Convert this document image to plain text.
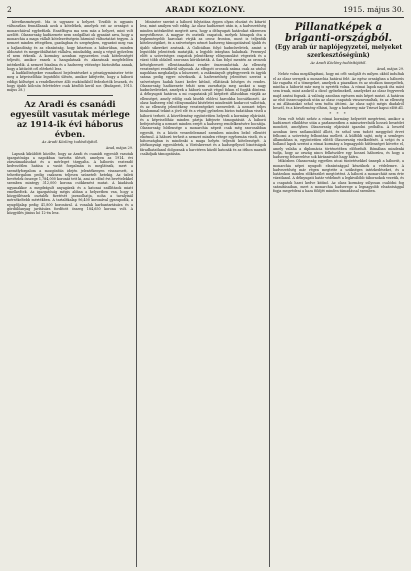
2	ARADI KOZLONY.	1915. május 30.

következményeit. Ma is ugyanez a helyzet. Tovább is ugyanis változatlan fennállanak azok a kötelékek, amelyek ezt az országot a monarchiával egybefűzik. Ennélfogva ma sem más a helyzet, mint volt azelőtt. Olaszország hadüzenete nem szolgálhat ok gyanánt arra, hogy a monarchia a maga vállalt kötelezettségein bárminő változtatást tegyen. A nemzet minden rétegében, gazdagban és szegényben, egyaránt meg van a hajlandóság és az elszántság, hogy kitartson a háborúban, minden áldozatot és megpróbáltatást vállalva, mindaddig, amíg a végső győzelem el nem érkezik. A kormány azonban egyszerűen csak kötelességét teljesíti, amikor ennek a hangulatnak és akaratnak megfelelően intézkedik. A nemzet bizalma és a hadsereg vitézsége biztosítéka annak, hogy a kitűzött cél elérhető lesz.

A hadiköltségekre vonatkozó bejelentéseket a pénzügyminiszter tette meg a képviselőház legutóbbi ülésén, amikor kifejtette, hogy a háború eddigi költségei a rendelkezésre álló eszközökből fedezhetők lesznek, és hogy újabb kölcsön felvételére csak később kerül sor. (Budapest, 1915. május 28.)

Az Aradi és csanádi egyesült vasutak mérlege az 1914-ik évi háborus évben.
Az Aradi Közlöny tudósítójától.
Arad, május 29.

Lapunk kiküldött közölte, hogy az Aradi és csanádi egyesült vasutak igazgatósága a napokban tartotta ülését, amelyen az 1914. évi zárszámadásokat és a mérleget tárgyalta. A háborús esztendő kedvezőtlen hatása a vasút forgalmán is meglátszik, mert a személyforgalom a mozgósítás idején jelentékenyen visszaesett, a teherforgalom pedig csaknem teljesen szünetelt hetekig. Az üzleti bevételek összege 1,784,000 koronát tett ki, ami az előző évi bevételekkel szemben mintegy 312,000 korona csökkenést mutat. A kiadások ugyanakkor a megdrágult anyagárak és a katonai szállítások miatt emelkedtek. Az igazgatóság mégis abban a helyzetben van, hogy a közgyűlésnek osztalék fizetését javasolhatja, noha a tavalyinál mérsékeltebb mértékben. A tartalékalap 96,400 koronával gyarapodik, a nyugdíjalap pedig 41,800 koronával. A vonalak karbantartására és a gördülőanyag javítására fordított összeg 184,650 korona volt. A közgyűlés június hó 12-én lesz.

Miniszter szerint a háború folytatása éppen olyan elszánt és kitartó lesz, mint amilyen volt eddig. Az olasz hadüzenet után is, a hadvezetőség minden intézkedést megtett arra, hogy a délnyugati határokat sikeresen megvédhesse. A magyar és osztrák csapatok, melyek hónapok óta a legkeményebb harcokat vívják az orosz fronton, most is teljesítik kötelességüket, és a szövetséges német hadsereg támogatásával újabb és újabb sikereket aratnak. A Galíciában folyó hadműveletek, amint a legutóbbi jelentések mutatják, a legjobb irányban haladnak. Przemysl előtt a szövetséges csapatok jelentékeny előnyomulást végeztek és a várat több oldalról szorosan körülzárták. A San folyó mentén az oroszok kétségbeesett ellentámadásai rendre összeomlottak. Az ellenség veszteségei rendkívül súlyosak. Az elfogott oroszok száma csak az utolsó napokban meghaladja a húszezret, a zsákmányolt gépfegyverek és ágyúk száma pedig egyre növekszik. A hadvezetőség jelentései szerint a szövetséges hadak harci kedve kitűnő, ellátásuk bőséges és rendes. Olaszország hadüzenete tehát nem zavarhatja meg azokat a nagy hadműveleteket, amelyek a háború sorsát végső fokon el fogják dönteni. A délnyugati határon a mi csapataink jól kiépített állásokban várják az ellenséget, amely eddig csak kisebb előőrsi harcokba bocsátkozott. Az olasz hadsereg első előnyomulási kísérletei mindenütt kudarcot vallottak, és az ellenség jelentékeny veszteségeket szenvedett. A nemzet teljes bizalommal tekint a jövő elé és a végső győzelem biztos tudatában viseli a háború terheit. A közvélemény egyöntetűen helyesli a kormány eljárását, és a képviselőház minden pártja kifejezte támogatását. A háború befejezéséig a nemzet minden erejét a hadsereg rendelkezésére bocsátja. Olaszország hűtlensége a monarchia népeit csak még szorosabban egyesíti, és a közös veszedelemmel szemben minden belső ellentét elnémul. A háború terheit a nemzet minden rétege egyformán viseli, és a hátországban is mindenki a maga helyén teljesíti kötelességét. A jótékonysági egyesületek, a Vöröskereszt és a hadsegélyező bizottságok fáradhatatlanul dolgoznak a harctéren küzdő katonák és az itthon maradt családjaik támogatásán.

Pillanatképek a briganti-országból.
(Egy arab úr naplójegyzetei, melyeket szerkesztőségünk)
Az Aradi Közlöny tudósítójától.
Arad, május 29.

Nehéz volna megállapítani, hogy mi célt szolgált és milyen okból indultak el az olasz seregek a monarchia határai felé. Az egész országban a háborús láz ragadta el a tömegeket, amelyek a piazzákon és az utcákon ünnepeltek, mintha a háborút már meg is nyerték volna. A római lapok napok óta mást sem írnak, mint azokról a dicső győzelmekről, amelyeket az olasz fegyverek majd aratni fognak. A valóság azonban egészen más képet mutat. A határon az első összecsapások után az olasz csapatok visszavonultak, és az ellenség a mi állásainkat sehol sem tudta áttörni. Az olasz sajtó mégis diadalról beszél, és a közvélemény elhiszi, hogy a hadsereg már Trieszt kapui előtt áll.

* * *

Nem volt tehát nehéz a római kormány helyzetét megérteni, amikor a hadüzenet elküldése után a parlamentben a miniszterelnök hosszú beszédet mondott, amelyben Olaszország eljárását igazolni próbálta. A beszéd azonban üres szólamokból állott, és sehol sem tudott meggyőző érvet felhozni a szövetség felbontása mellett. A külföldi sajtó, még a semleges államokban is, egyöntetűen elítéli Olaszország viselkedését. A svájci és a holland lapok szerint a római kormány a legnagyobb hűtlenséget követte el, amely valaha a diplomácia történetében előfordult. Rómában mindenki tudja, hogy az ország nincs felkészülve egy hosszú háborúra, és hogy a hadsereg felszerelése sok kívánnivalót hagy hátra.

Miközben Olaszország egyetlen utcai tüntetésekkel ünnepli a háborút, a monarchia népei nyugodt elszántsággal készülnek a védelemre. A hadvezetőség már régen megtette a szükséges intézkedéseket, és a határokon minden előkészület megtörtént. A háború a monarchiát nem érte váratlanul. A délnyugati határ védelmét a legkiválóbb tábornokok vezetik, és a csapatok harci kedve kitűnő. Az olasz kormány súlyosan csalódni fog számításaiban, mert a monarchia hadserege a legnagyobb elszántsággal fogja megvédeni a haza földjét minden támadással szemben.
